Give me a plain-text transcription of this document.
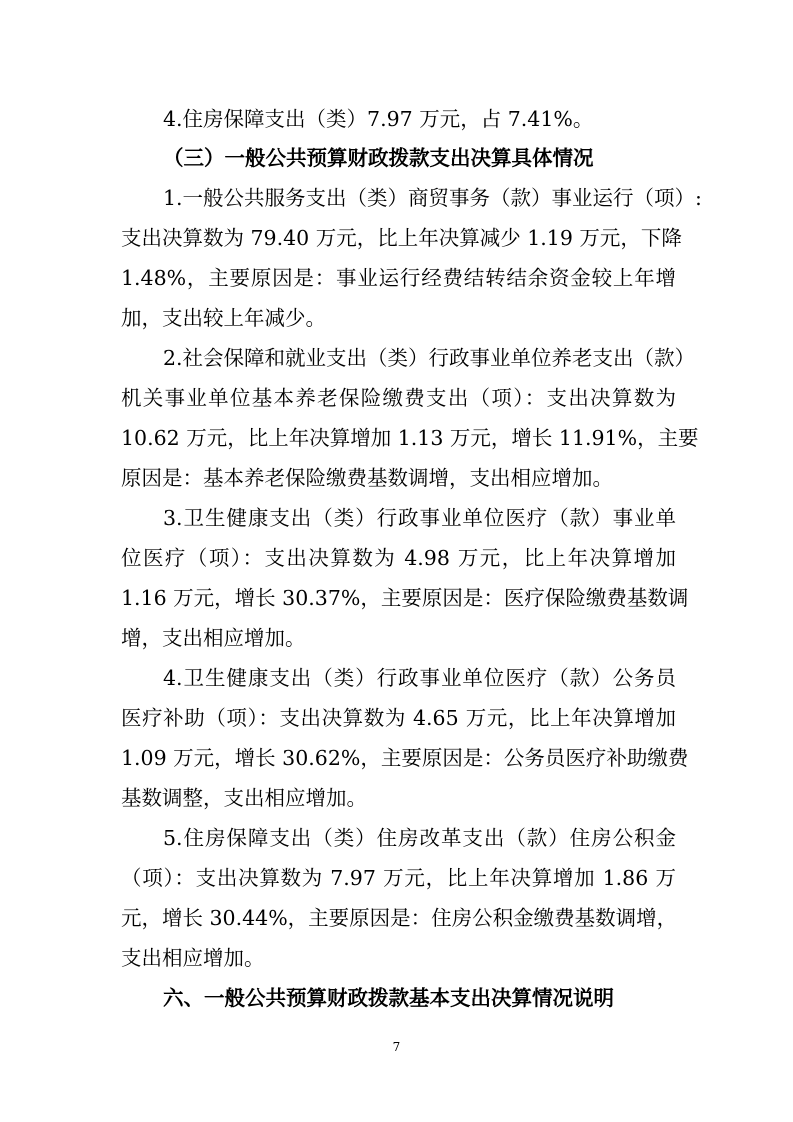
4.住房保障支出（类）7.97 万元，占 7.41%。
（三）一般公共预算财政拨款支出决算具体情况
1.一般公共服务支出（类）商贸事务（款）事业运行（项）:
支出决算数为 79.40 万元，比上年决算减少 1.19 万元，下降
1.48%，主要原因是：事业运行经费结转结余资金较上年增
加，支出较上年减少。
2.社会保障和就业支出（类）行政事业单位养老支出（款）
机关事业单位基本养老保险缴费支出（项）：支出决算数为
10.62 万元，比上年决算增加 1.13 万元，增长 11.91%，主要
原因是：基本养老保险缴费基数调增，支出相应增加。
3.卫生健康支出（类）行政事业单位医疗（款）事业单
位医疗（项）：支出决算数为 4.98 万元，比上年决算增加
1.16 万元，增长 30.37%，主要原因是：医疗保险缴费基数调
增，支出相应增加。
4.卫生健康支出（类）行政事业单位医疗（款）公务员
医疗补助（项）：支出决算数为 4.65 万元，比上年决算增加
1.09 万元，增长 30.62%，主要原因是：公务员医疗补助缴费
基数调整，支出相应增加。
5.住房保障支出（类）住房改革支出（款）住房公积金
（项）：支出决算数为 7.97 万元，比上年决算增加 1.86 万
元，增长 30.44%，主要原因是：住房公积金缴费基数调增，
支出相应增加。
六、一般公共预算财政拨款基本支出决算情况说明
7
